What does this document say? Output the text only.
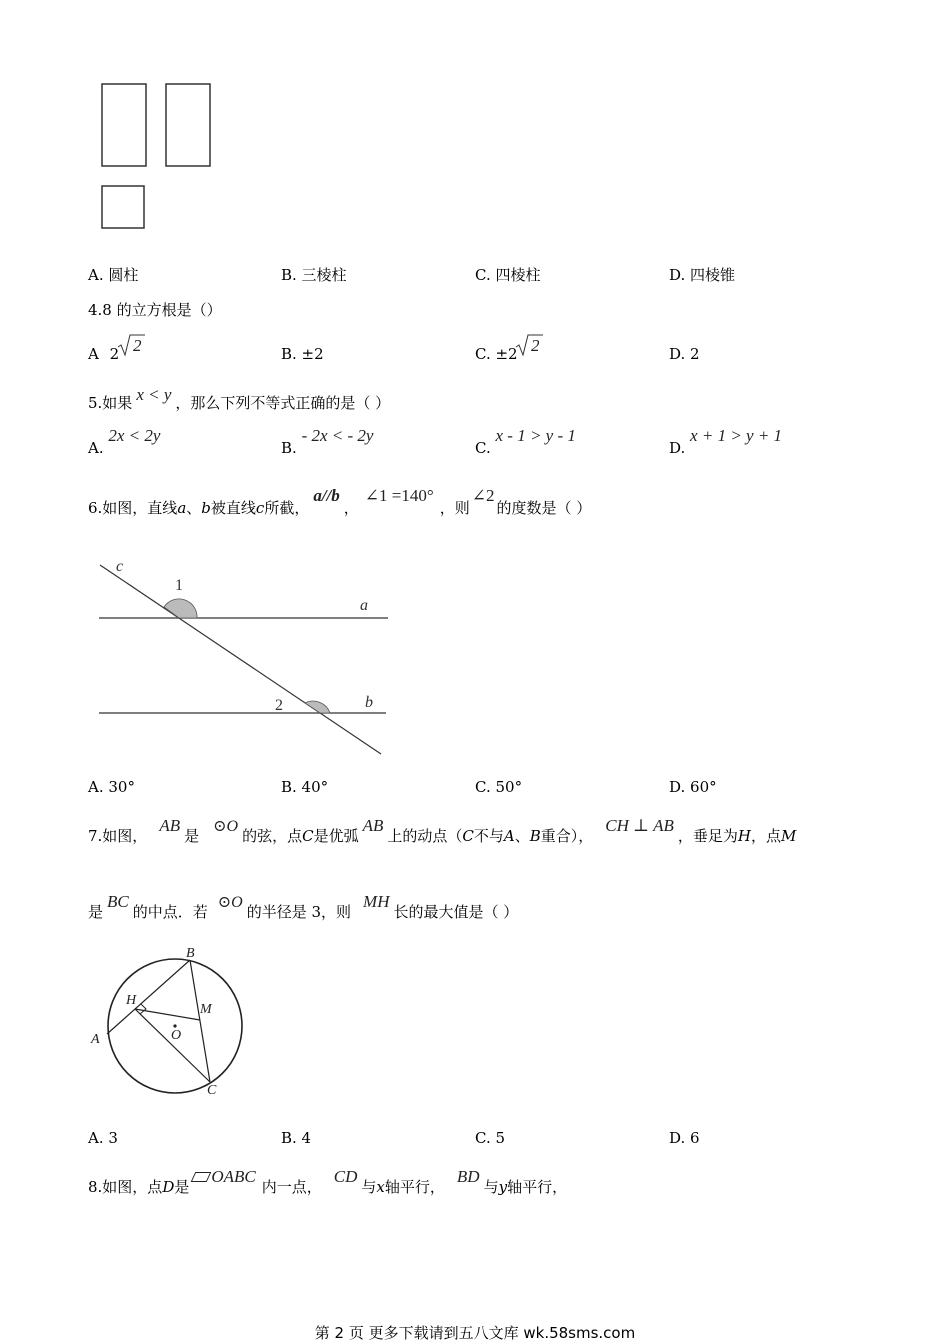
A. 圆柱	B. 三棱柱	C. 四棱柱	D. 四棱锥
4.8 的立方根是（）
A 2 2	B. ±2	C. ±2 2	D. 2
5.如果 x < y ，那么下列不等式正确的是（ ）
A. 2x < 2y
B. - 2x < - 2y
C. x - 1 > y - 1
D. x + 1 > y + 1
6.如图，直线a、b被直线c所截，a//b，∠1 =140°，则∠2的度数是（ ）
c
1
a
2	b
A. 30°	B. 40°	C. 50°	D. 60°
7.如图，AB是⊙O的弦，点C是优弧AB上的动点（C不与A、B重合），CH ⊥ AB，垂足为H，点M
是BC的中点．若⊙O的半径是 3，则MH长的最大值是（ ）
B
H
M
O
A
C
A. 3	B. 4	C. 5	D. 6
8.如图，点D是OABC内一点，CD与x轴平行，BD与y轴平行，
第 2 页 更多下载请到五八文库 wk.58sms.com
